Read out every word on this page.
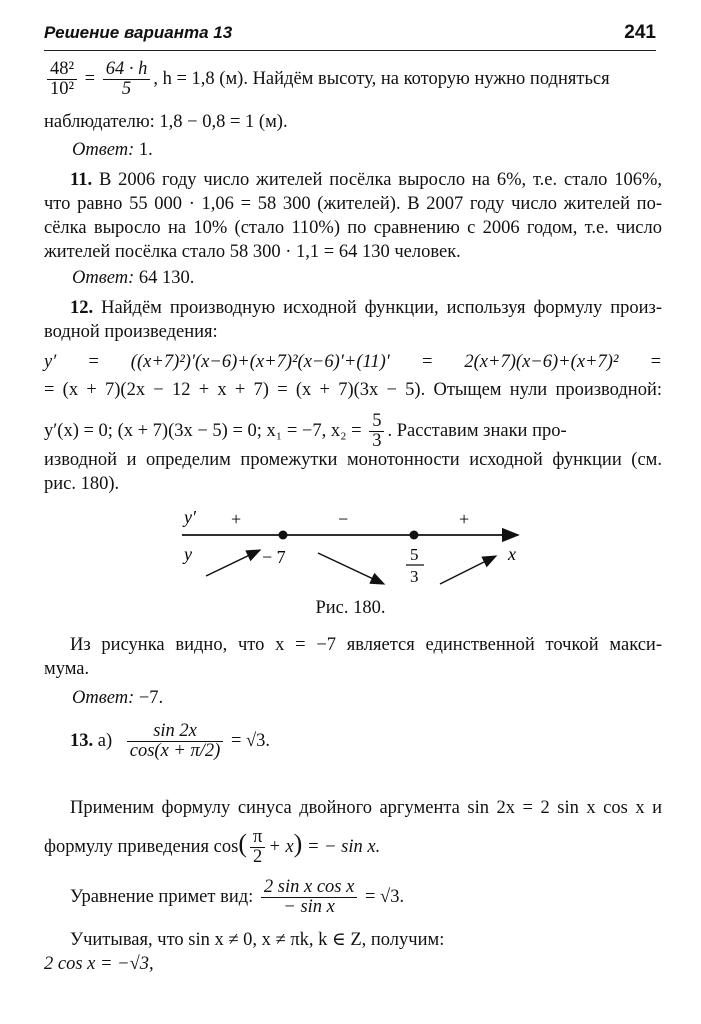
Решение варианта 13	241
$\frac{\text{48²}}{\text{10²}} = \frac{64 \cdot h}{5}$ , h = 1,8 (м). Найдём высоту, на которую нужно подняться
наблюдателю: 1,8 − 0,8 = 1 (м).
Ответ: 1.
11. В 2006 году число жителей посёлка выросло на 6%, т.е. стало 106%,
что равно 55 000 · 1,06 = 58 300 (жителей). В 2007 году число жителей по-
сёлка выросло на 10% (стало 110%) по сравнению с 2006 годом, т.е. число
жителей посёлка стало 58 300 · 1,1 = 64 130 человек.
Ответ: 64 130.
12. Найдём производную исходной функции, используя формулу произ-
водной произведения:
y′ = ((x+7)²)′(x−6)+(x+7)²(x−6)′+(11)′ = 2(x+7)(x−6)+(x+7)² =
= (x + 7)(2x − 12 + x + 7) = (x + 7)(3x − 5). Отыщем нули производной:
y′(x) = 0; (x + 7)(3x − 5) = 0; x₁ = −7, $x_2 = \frac{5}{3}$ . Расставим знаки про-
изводной и определим промежутки монотонности исходной функции (см.
рис. 180).
y′
y	x
+	−	+
− 7	5
3
Рис. 180.
Из рисунка видно, что x = −7 является единственной точкой макси-
мума.
Ответ: −7.
13. $а) \frac{\sin 2x}{\cos(x + \pi/2)} = √3$.
Применим формулу синуса двойного аргумента sin 2x = 2 sin x cos x и
формулу приведения $\cos( \frac{\pi}{2} + x)$ = − sin x.
Уравнение примет вид: $\frac{\text{2 sin x cos x}}{\text{− sin x}} = √3$.
Учитывая, что sin x ≠ 0, x ≠ πk, k ∈ Z, получим:
2 cos x = −√3,
